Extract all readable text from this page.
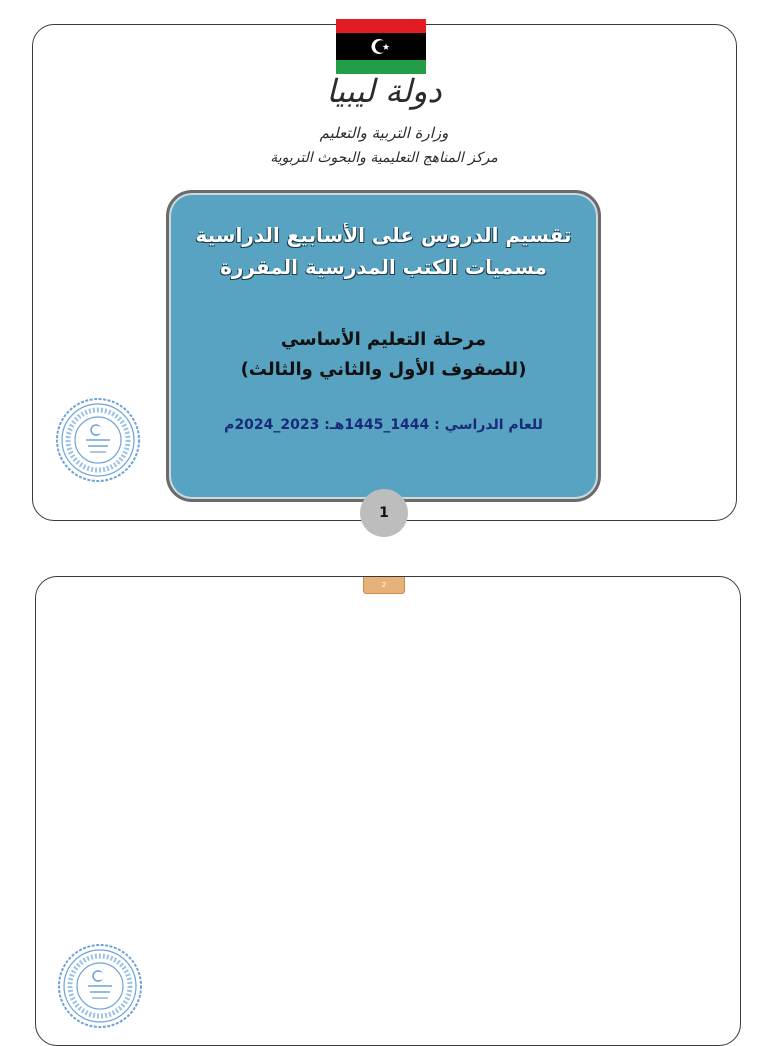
دولة ليبيا
وزارة التربية والتعليم
مركز المناهج التعليمية والبحوث التربوية
تقسيم الدروس على الأسابيع الدراسية
مسميات الكتب المدرسية المقررة
مرحلة التعليم الأساسي
(للصفوف الأول والثاني والثالث)
للعام الدراسي : 1444_1445هـ: 2023_2024م
1
2
